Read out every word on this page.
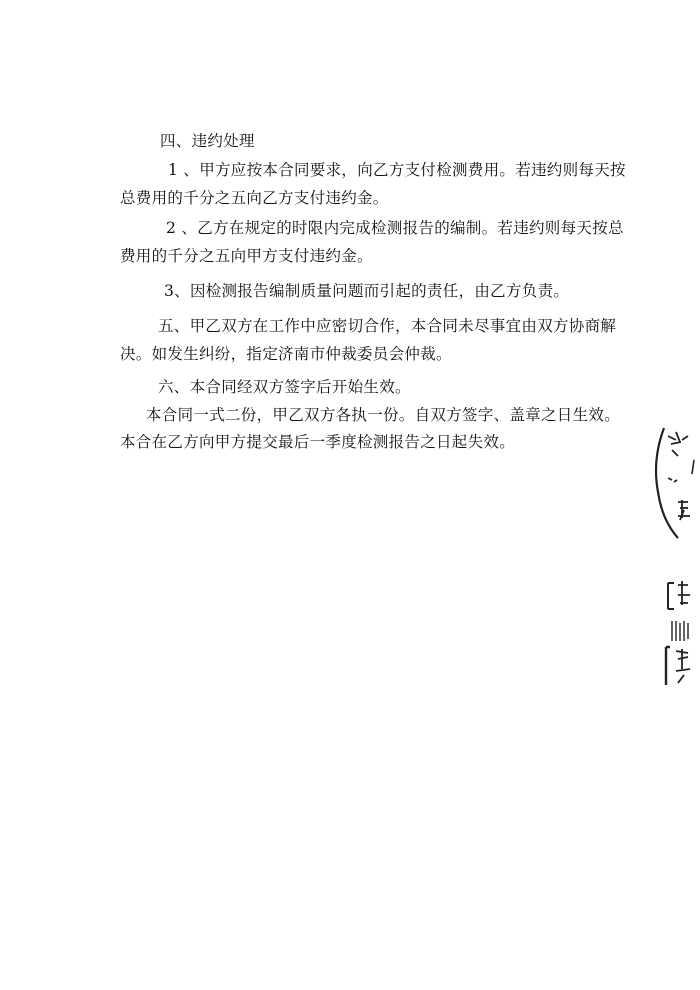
四、违约处理
1 、甲方应按本合同要求，向乙方支付检测费用。若违约则每天按
总费用的千分之五向乙方支付违约金。
2 、乙方在规定的时限内完成检测报告的编制。若违约则每天按总
费用的千分之五向甲方支付违约金。
3、因检测报告编制质量问题而引起的责任，由乙方负责。
五、甲乙双方在工作中应密切合作，本合同未尽事宜由双方协商解
决。如发生纠纷，指定济南市仲裁委员会仲裁。
六、本合同经双方签字后开始生效。
本合同一式二份，甲乙双方各执一份。自双方签字、盖章之日生效。
本合在乙方向甲方提交最后一季度检测报告之日起失效。
